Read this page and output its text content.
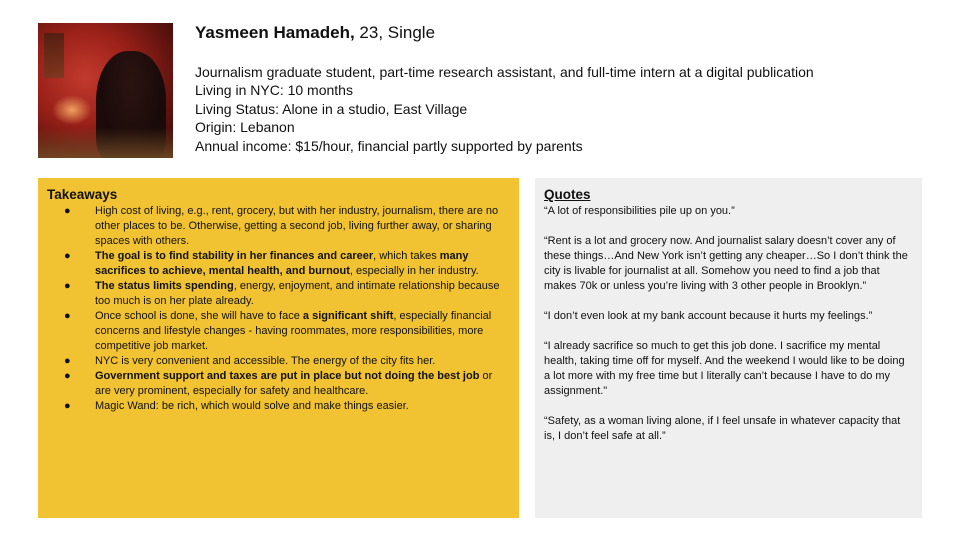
Yasmeen Hamadeh, 23, Single
Journalism graduate student, part-time research assistant, and full-time intern at a digital publication
Living in NYC: 10 months
Living Status: Alone in a studio, East Village
Origin: Lebanon
Annual income: $15/hour, financial partly supported by parents
Takeaways
● High cost of living, e.g., rent, grocery, but with her industry, journalism, there are no other places to be. Otherwise, getting a second job, living further away, or sharing spaces with others.
● The goal is to find stability in her finances and career, which takes many sacrifices to achieve, mental health, and burnout, especially in her industry.
● The status limits spending, energy, enjoyment, and intimate relationship because too much is on her plate already.
● Once school is done, she will have to face a significant shift, especially financial concerns and lifestyle changes - having roommates, more responsibilities, more competitive job market.
● NYC is very convenient and accessible. The energy of the city fits her.
● Government support and taxes are put in place but not doing the best job or are very prominent, especially for safety and healthcare.
● Magic Wand: be rich, which would solve and make things easier.
Quotes
“A lot of responsibilities pile up on you.”
“Rent is a lot and grocery now. And journalist salary doesn’t cover any of these things…And New York isn’t getting any cheaper…So I don’t think the city is livable for journalist at all. Somehow you need to find a job that makes 70k or unless you’re living with 3 other people in Brooklyn.”
“I don’t even look at my bank account because it hurts my feelings.”
“I already sacrifice so much to get this job done. I sacrifice my mental health, taking time off for myself. And the weekend I would like to be doing a lot more with my free time but I literally can’t because I have to do my assignment."
“Safety, as a woman living alone, if I feel unsafe in whatever capacity that is, I don’t feel safe at all.”
